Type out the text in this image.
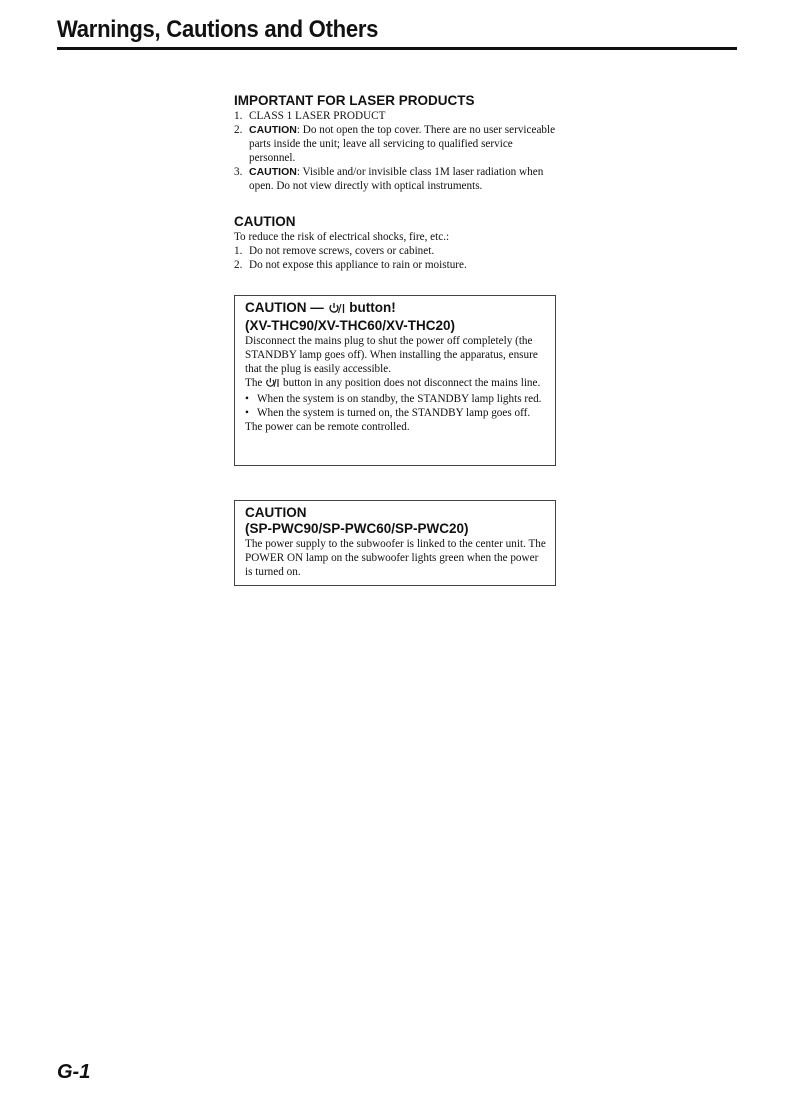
Warnings, Cautions and Others
IMPORTANT FOR LASER PRODUCTS
1. CLASS 1 LASER PRODUCT
2. CAUTION: Do not open the top cover. There are no user serviceable parts inside the unit; leave all servicing to qualified service personnel.
3. CAUTION: Visible and/or invisible class 1M laser radiation when open. Do not view directly with optical instruments.
CAUTION

To reduce the risk of electrical shocks, fire, etc.:

1. Do not remove screws, covers or cabinet.
2. Do not expose this appliance to rain or moisture.
CAUTION — button!
(XV-THC90/XV-THC60/XV-THC20)

Disconnect the mains plug to shut the power off completely (the STANDBY lamp goes off). When installing the apparatus, ensure that the plug is easily accessible.

The button in any position does not disconnect the mains line.

• When the system is on standby, the STANDBY lamp lights red.
• When the system is turned on, the STANDBY lamp goes off.

The power can be remote controlled.

CAUTION
(SP-PWC90/SP-PWC60/SP-PWC20)

The power supply to the subwoofer is linked to the center unit. The POWER ON lamp on the subwoofer lights green when the power is turned on.

G-1
